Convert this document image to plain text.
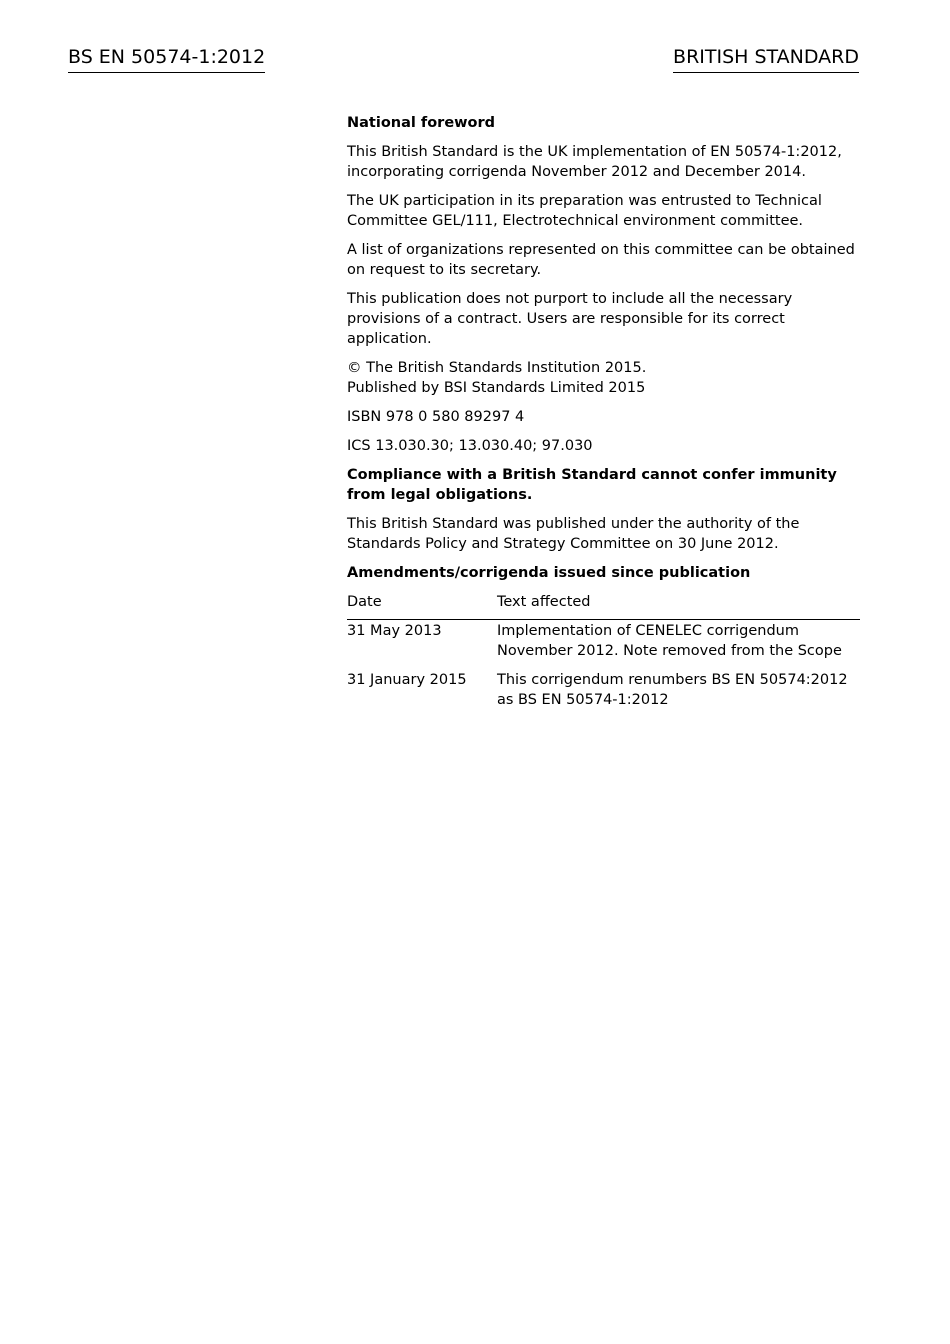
BS EN 50574-1:2012	BRITISH STANDARD

National foreword

This British Standard is the UK implementation of EN 50574-1:2012, incorporating corrigenda November 2012 and December 2014.

The UK participation in its preparation was entrusted to Technical Committee GEL/111, Electrotechnical environment committee.

A list of organizations represented on this committee can be obtained on request to its secretary.

This publication does not purport to include all the necessary provisions of a contract. Users are responsible for its correct application.

© The British Standards Institution 2015.
Published by BSI Standards Limited 2015

ISBN 978 0 580 89297 4

ICS 13.030.30; 13.030.40; 97.030

Compliance with a British Standard cannot confer immunity from legal obligations.

This British Standard was published under the authority of the Standards Policy and Strategy Committee on 30 June 2012.

Amendments/corrigenda issued since publication

Date	Text affected
31 May 2013	Implementation of CENELEC corrigendum November 2012. Note removed from the Scope
31 January 2015	This corrigendum renumbers BS EN 50574:2012 as BS EN 50574-1:2012
